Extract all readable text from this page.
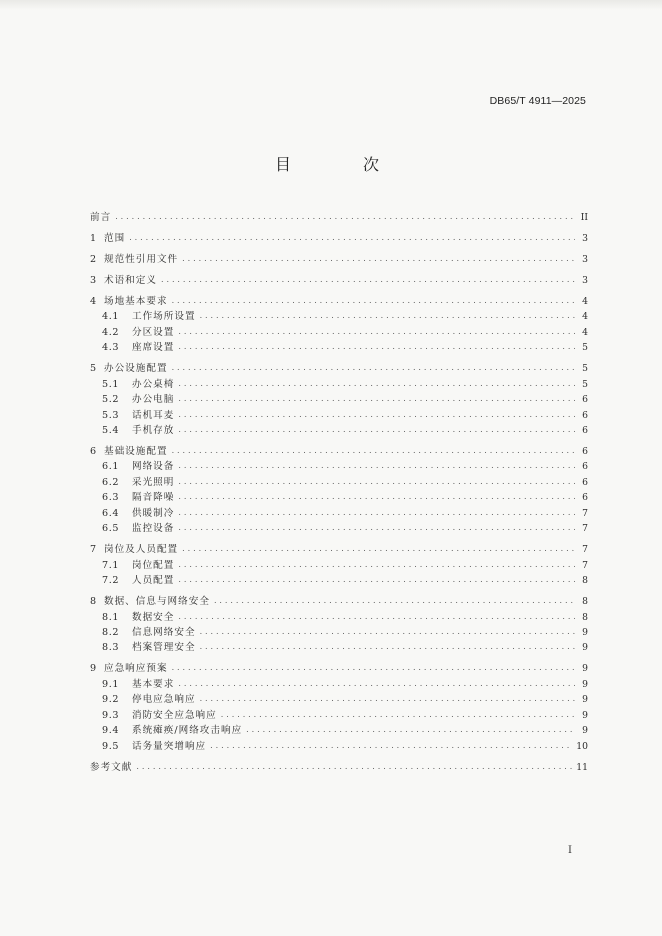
DB65/T 4911—2025
目　次
前言 . . .	II
1 范围 . . .	3
2 规范性引用文件 . . .	3
3 术语和定义 . . .	3
4 场地基本要求 . . .	4
4.1	工作场所设置 . . .	4
4.2	分区设置 . . .	4
4.3	座席设置 . . .	5
5 办公设施配置 . . .	5
5.1	办公桌椅 . . .	5
5.2	办公电脑 . . .	6
5.3	话机耳麦 . . .	6
5.4	手机存放 . . .	6
6 基础设施配置 . . .	6
6.1	网络设备 . . .	6
6.2	采光照明 . . .	6
6.3	隔音降噪 . . .	6
6.4	供暖制冷 . . .	7
6.5	监控设备 . . .	7
7 岗位及人员配置 . . .	7
7.1	岗位配置 . . .	7
7.2	人员配置 . . .	8
8 数据、信息与网络安全 . . .	8
8.1	数据安全 . . .	8
8.2	信息网络安全 . . .	9
8.3	档案管理安全 . . .	9
9 应急响应预案 . . .	9
9.1	基本要求 . . .	9
9.2	停电应急响应 . . .	9
9.3	消防安全应急响应 . . .	9
9.4	系统瘫痪/网络攻击响应 . . .	9
9.5	话务量突增响应 . . .	10
参考文献 . . .	11
I
